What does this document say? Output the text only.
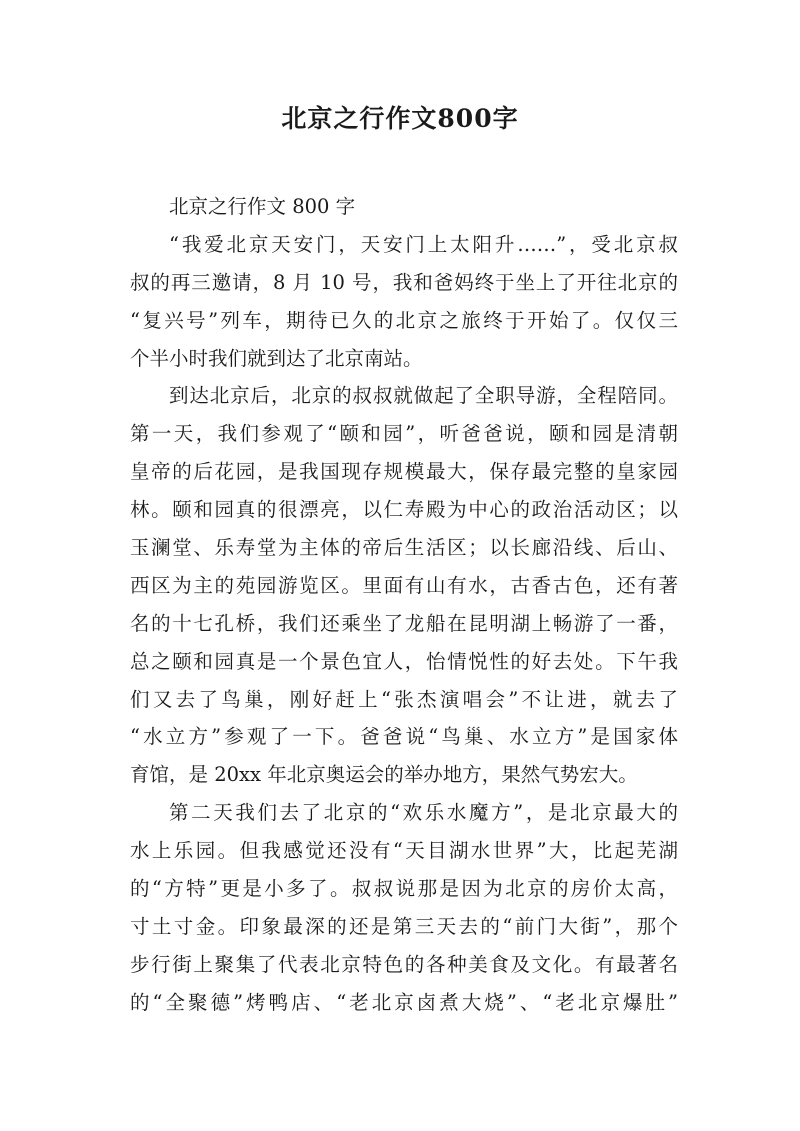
北京之行作文800字
北京之行作文 800 字
“我爱北京天安门，天安门上太阳升……”，受北京叔
叔的再三邀请，8 月 10 号，我和爸妈终于坐上了开往北京的
“复兴号”列车，期待已久的北京之旅终于开始了。仅仅三
个半小时我们就到达了北京南站。
到达北京后，北京的叔叔就做起了全职导游，全程陪同。
第一天，我们参观了“颐和园”，听爸爸说，颐和园是清朝
皇帝的后花园，是我国现存规模最大，保存最完整的皇家园
林。颐和园真的很漂亮，以仁寿殿为中心的政治活动区；以
玉澜堂、乐寿堂为主体的帝后生活区；以长廊沿线、后山、
西区为主的苑园游览区。里面有山有水，古香古色，还有著
名的十七孔桥，我们还乘坐了龙船在昆明湖上畅游了一番，
总之颐和园真是一个景色宜人，怡情悦性的好去处。下午我
们又去了鸟巢，刚好赶上“张杰演唱会”不让进，就去了
“水立方”参观了一下。爸爸说“鸟巢、水立方”是国家体
育馆，是 20xx 年北京奥运会的举办地方，果然气势宏大。
第二天我们去了北京的“欢乐水魔方”，是北京最大的
水上乐园。但我感觉还没有“天目湖水世界”大，比起芜湖
的“方特”更是小多了。叔叔说那是因为北京的房价太高，
寸土寸金。印象最深的还是第三天去的“前门大街”，那个
步行街上聚集了代表北京特色的各种美食及文化。有最著名
的“全聚德”烤鸭店、“老北京卤煮大烧”、“老北京爆肚”
